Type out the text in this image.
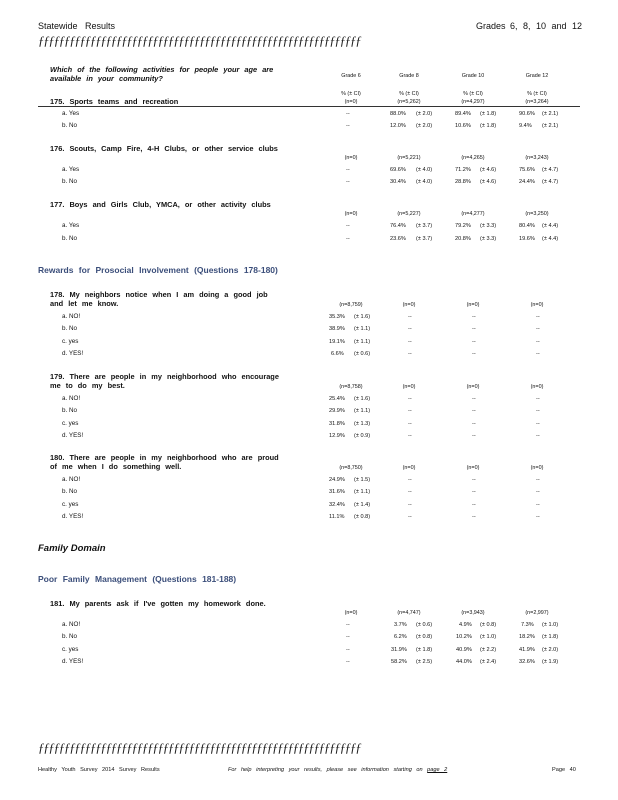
Statewide Results	Grades 6, 8, 10 and 12
ƒƒƒƒƒƒƒƒƒƒƒƒƒƒƒƒƒƒƒƒƒƒƒƒƒƒƒƒƒƒƒƒƒƒƒƒƒƒƒƒƒƒƒƒƒƒƒƒƒƒƒƒƒƒƒƒƒƒƒƒƒƒ
Which of the following activities for people your age are available in your community?	Grade 6	Grade 8	Grade 10	Grade 12
% (± CI)	% (± CI)	% (± CI)	% (± CI)
175. Sports teams and recreation	(n=0)	(n=5,262)	(n=4,297)	(n=3,264)
a. Yes	--	88.0% (± 2.0)	89.4% (± 1.8)	90.6% (± 2.1)
b. No	--	12.0% (± 2.0)	10.6% (± 1.8)	9.4% (± 2.1)
176. Scouts, Camp Fire, 4-H Clubs, or other service clubs
(n=0)	(n=5,221)	(n=4,265)	(n=3,243)
a. Yes	--	69.6% (± 4.0)	71.2% (± 4.6)	75.6% (± 4.7)
b. No	--	30.4% (± 4.0)	28.8% (± 4.6)	24.4% (± 4.7)
177. Boys and Girls Club, YMCA, or other activity clubs
(n=0)	(n=5,227)	(n=4,277)	(n=3,250)
a. Yes	--	76.4% (± 3.7)	79.2% (± 3.3)	80.4% (± 4.4)
b. No	--	23.6% (± 3.7)	20.8% (± 3.3)	19.6% (± 4.4)
Rewards for Prosocial Involvement (Questions 178-180)
178. My neighbors notice when I am doing a good job and let me know.	(n=8,759)	(n=0)	(n=0)	(n=0)
a. NO!	35.3% (± 1.6)	--	--	--
b. No	38.9% (± 1.1)	--	--	--
c. yes	19.1% (± 1.1)	--	--	--
d. YES!	6.6% (± 0.6)	--	--	--
179. There are people in my neighborhood who encourage me to do my best.	(n=8,758)	(n=0)	(n=0)	(n=0)
a. NO!	25.4% (± 1.6)	--	--	--
b. No	29.9% (± 1.1)	--	--	--
c. yes	31.8% (± 1.3)	--	--	--
d. YES!	12.9% (± 0.9)	--	--	--
180. There are people in my neighborhood who are proud of me when I do something well.	(n=8,750)	(n=0)	(n=0)	(n=0)
a. NO!	24.9% (± 1.5)	--	--	--
b. No	31.6% (± 1.1)	--	--	--
c. yes	32.4% (± 1.4)	--	--	--
d. YES!	11.1% (± 0.8)	--	--	--
Family Domain
Poor Family Management (Questions 181-188)
181. My parents ask if I've gotten my homework done.
(n=0)	(n=4,747)	(n=3,943)	(n=2,997)
a. NO!	--	3.7% (± 0.6)	4.9% (± 0.8)	7.3% (± 1.0)
b. No	--	6.2% (± 0.8)	10.2% (± 1.0)	18.2% (± 1.8)
c. yes	--	31.9% (± 1.8)	40.9% (± 2.2)	41.9% (± 2.0)
d. YES!	--	58.2% (± 2.5)	44.0% (± 2.4)	32.6% (± 1.9)
ƒƒƒƒƒƒƒƒƒƒƒƒƒƒƒƒƒƒƒƒƒƒƒƒƒƒƒƒƒƒƒƒƒƒƒƒƒƒƒƒƒƒƒƒƒƒƒƒƒƒƒƒƒƒƒƒƒƒƒƒƒƒ
Healthy Youth Survey 2014 Survey Results	For help interpreting your results, please see information starting on page 2	Page 40
